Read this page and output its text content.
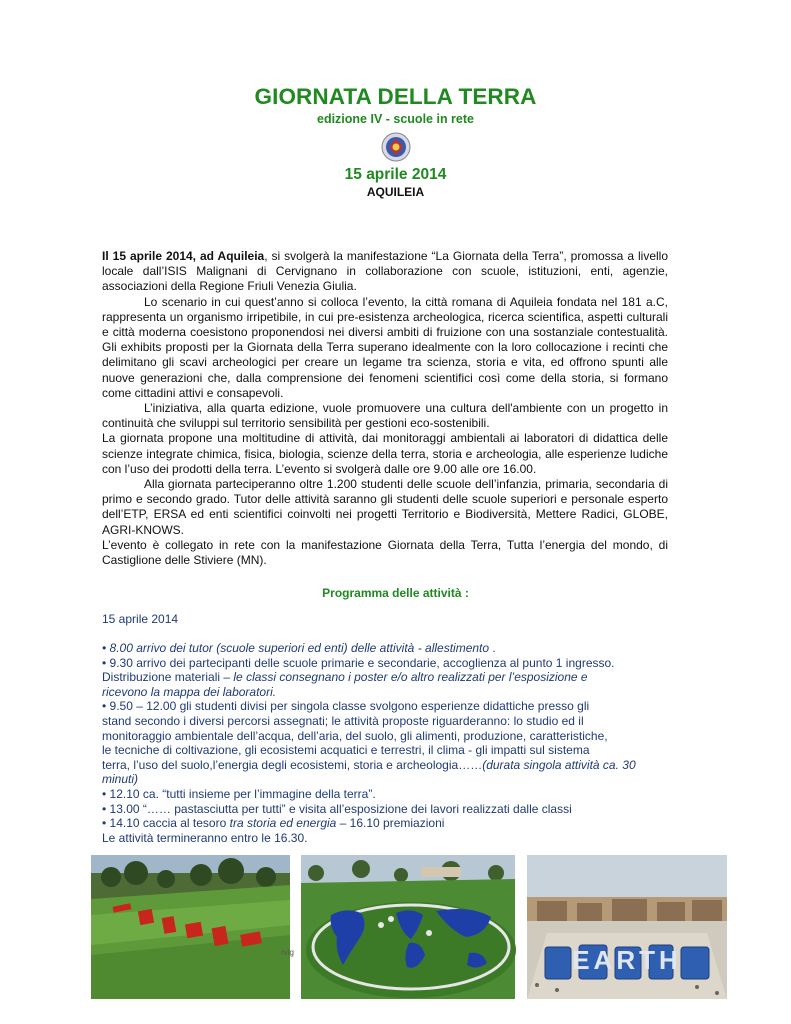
GIORNATA DELLA TERRA
edizione IV - scuole in rete
15 aprile 2014
AQUILEIA

Il 15 aprile 2014, ad Aquileia, si svolgerà la manifestazione “La Giornata della Terra”, promossa a livello locale dall’ISIS Malignani di Cervignano in collaborazione con scuole, istituzioni, enti, agenzie, associazioni della Regione Friuli Venezia Giulia.

Lo scenario in cui quest’anno si colloca l’evento, la città romana di Aquileia fondata nel 181 a.C, rappresenta un organismo irripetibile, in cui pre-esistenza archeologica, ricerca scientifica, aspetti culturali e città moderna coesistono proponendosi nei diversi ambiti di fruizione con una sostanziale contestualità. Gli exhibits proposti per la Giornata della Terra superano idealmente con la loro collocazione i recinti che delimitano gli scavi archeologici per creare un legame tra scienza, storia e vita, ed offrono spunti alle nuove generazioni che, dalla comprensione dei fenomeni scientifici così come della storia, si formano come cittadini attivi e consapevoli.

L’iniziativa, alla quarta edizione, vuole promuovere una cultura dell'ambiente con un progetto in continuità che sviluppi sul territorio sensibilità per gestioni eco-sostenibili.

La giornata propone una moltitudine di attività, dai monitoraggi ambientali ai laboratori di didattica delle scienze integrate chimica, fisica, biologia, scienze della terra, storia e archeologia, alle esperienze ludiche con l’uso dei prodotti della terra. L’evento si svolgerà dalle ore 9.00 alle ore 16.00.

Alla giornata parteciperanno oltre 1.200 studenti delle scuole dell’infanzia, primaria, secondaria di primo e secondo grado. Tutor delle attività saranno gli studenti delle scuole superiori e personale esperto dell’ETP, ERSA ed enti scientifici coinvolti nei progetti Territorio e Biodiversità, Mettere Radici, GLOBE, AGRI-KNOWS.

L’evento è collegato in rete con la manifestazione Giornata della Terra, Tutta l’energia del mondo, di Castiglione delle Stiviere (MN).

Programma delle attività :
15 aprile 2014
• 8.00 arrivo dei tutor (scuole superiori ed enti) delle attività - allestimento .
• 9.30 arrivo dei partecipanti delle scuole primarie e secondarie, accoglienza al punto 1 ingresso.
Distribuzione materiali – le classi consegnano i poster e/o altro realizzati per l’esposizione e
ricevono la mappa dei laboratori.
• 9.50 – 12.00 gli studenti divisi per singola classe svolgono esperienze didattiche presso gli
stand secondo i diversi percorsi assegnati; le attività proposte riguarderanno: lo studio ed il
monitoraggio ambientale dell’acqua, dell’aria, del suolo, gli alimenti, produzione, caratteristiche,
le tecniche di coltivazione, gli ecosistemi acquatici e terrestri, il clima - gli impatti sul sistema
terra, l’uso del suolo,l’energia degli ecosistemi, storia e archeologia……(durata singola attività ca. 30
minuti)
• 12.10 ca. “tutti insieme per l’immagine della terra”.
• 13.00 “…… pastasciutta per tutti” e visita all’esposizione dei lavori realizzati dalle classi
• 14.10 caccia al tesoro tra storia ed energia – 16.10 premiazioni
Le attività termineranno entro le 16.30.
rvig	EARTH
